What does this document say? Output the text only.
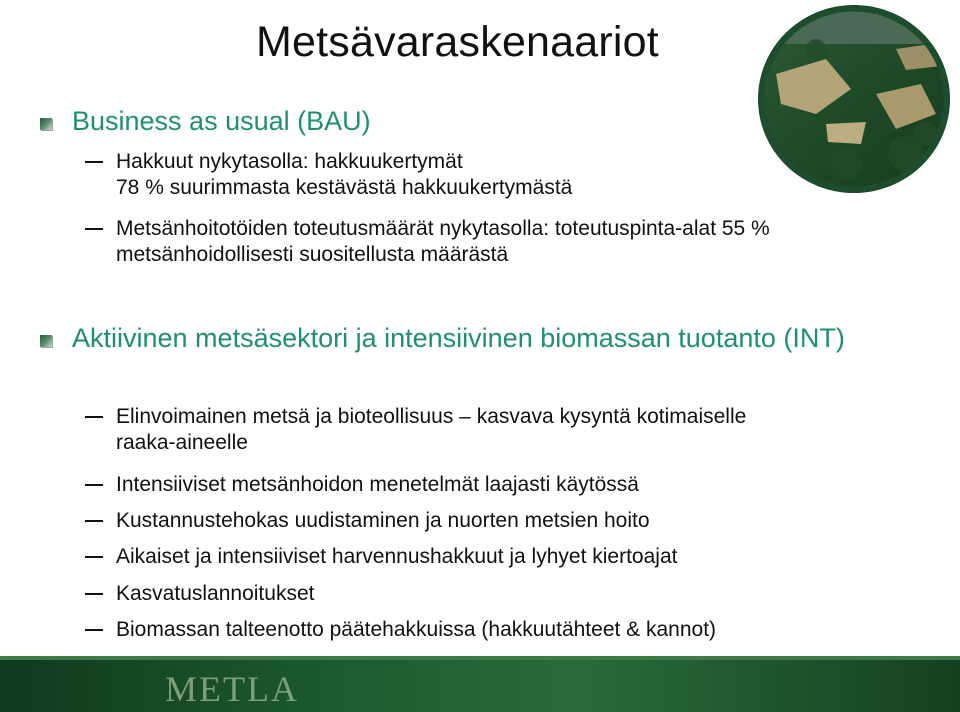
Metsävaraskenaariot
Business as usual (BAU)
Hakkuut nykytasolla: hakkuukertymät
78 % suurimmasta kestävästä hakkuukertymästä
Metsänhoitotöiden toteutusmäärät nykytasolla: toteutuspinta-alat 55 %
metsänhoidollisesti suositellusta määrästä
Aktiivinen metsäsektori ja intensiivinen biomassan tuotanto (INT)
Elinvoimainen metsä ja bioteollisuus – kasvava kysyntä kotimaiselle
raaka-aineelle
Intensiiviset metsänhoidon menetelmät laajasti käytössä
Kustannustehokas uudistaminen ja nuorten metsien hoito
Aikaiset ja intensiiviset harvennushakkuut ja lyhyet kiertoajat
Kasvatuslannoitukset
Biomassan talteenotto päätehakkuissa (hakkuutähteet & kannot)
METLA
